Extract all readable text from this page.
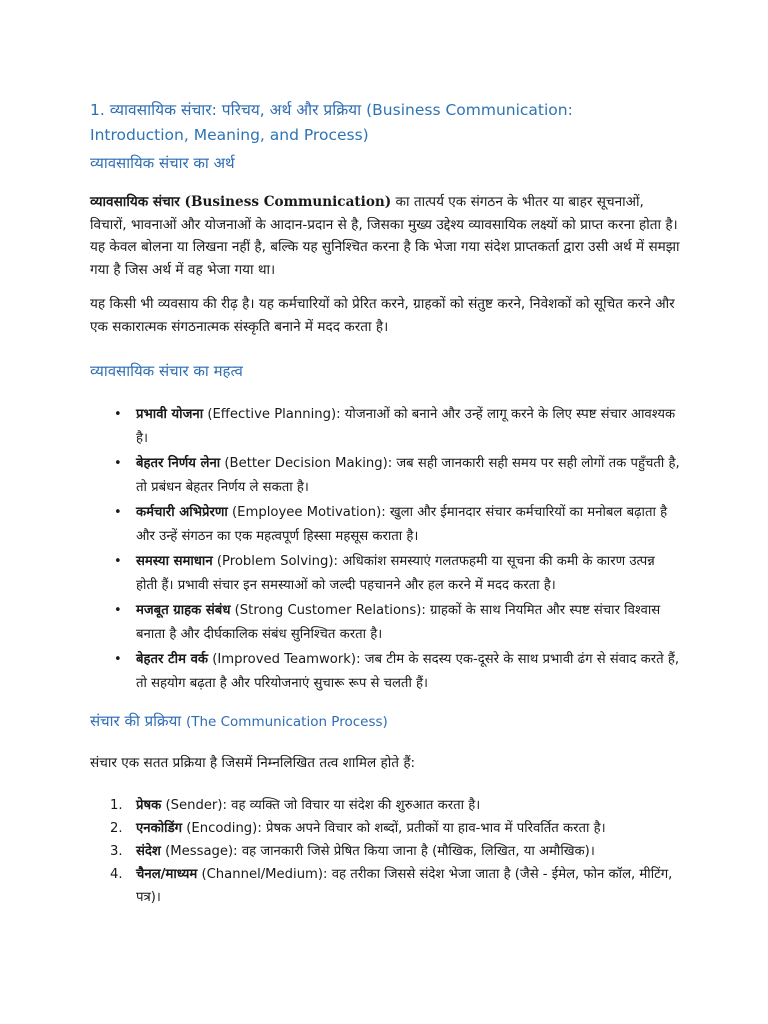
1. व्यावसायिक संचार: परिचय, अर्थ और प्रक्रिया (Business Communication: Introduction, Meaning, and Process)
व्यावसायिक संचार का अर्थ

व्यावसायिक संचार (Business Communication) का तात्पर्य एक संगठन के भीतर या बाहर सूचनाओं, विचारों, भावनाओं और योजनाओं के आदान-प्रदान से है, जिसका मुख्य उद्देश्य व्यावसायिक लक्ष्यों को प्राप्त करना होता है। यह केवल बोलना या लिखना नहीं है, बल्कि यह सुनिश्चित करना है कि भेजा गया संदेश प्राप्तकर्ता द्वारा उसी अर्थ में समझा गया है जिस अर्थ में वह भेजा गया था।

यह किसी भी व्यवसाय की रीढ़ है। यह कर्मचारियों को प्रेरित करने, ग्राहकों को संतुष्ट करने, निवेशकों को सूचित करने और एक सकारात्मक संगठनात्मक संस्कृति बनाने में मदद करता है।

व्यावसायिक संचार का महत्व
• प्रभावी योजना (Effective Planning): योजनाओं को बनाने और उन्हें लागू करने के लिए स्पष्ट संचार आवश्यक है।
• बेहतर निर्णय लेना (Better Decision Making): जब सही जानकारी सही समय पर सही लोगों तक पहुँचती है, तो प्रबंधन बेहतर निर्णय ले सकता है।
• कर्मचारी अभिप्रेरणा (Employee Motivation): खुला और ईमानदार संचार कर्मचारियों का मनोबल बढ़ाता है और उन्हें संगठन का एक महत्वपूर्ण हिस्सा महसूस कराता है।
• समस्या समाधान (Problem Solving): अधिकांश समस्याएं गलतफहमी या सूचना की कमी के कारण उत्पन्न होती हैं। प्रभावी संचार इन समस्याओं को जल्दी पहचानने और हल करने में मदद करता है।
• मजबूत ग्राहक संबंध (Strong Customer Relations): ग्राहकों के साथ नियमित और स्पष्ट संचार विश्वास बनाता है और दीर्घकालिक संबंध सुनिश्चित करता है।
• बेहतर टीम वर्क (Improved Teamwork): जब टीम के सदस्य एक-दूसरे के साथ प्रभावी ढंग से संवाद करते हैं, तो सहयोग बढ़ता है और परियोजनाएं सुचारू रूप से चलती हैं।
संचार की प्रक्रिया (The Communication Process)

संचार एक सतत प्रक्रिया है जिसमें निम्नलिखित तत्व शामिल होते हैं:

1. प्रेषक (Sender): वह व्यक्ति जो विचार या संदेश की शुरुआत करता है।
2. एनकोडिंग (Encoding): प्रेषक अपने विचार को शब्दों, प्रतीकों या हाव-भाव में परिवर्तित करता है।
3. संदेश (Message): वह जानकारी जिसे प्रेषित किया जाना है (मौखिक, लिखित, या अमौखिक)।
4. चैनल/माध्यम (Channel/Medium): वह तरीका जिससे संदेश भेजा जाता है (जैसे - ईमेल, फोन कॉल, मीटिंग, पत्र)।
